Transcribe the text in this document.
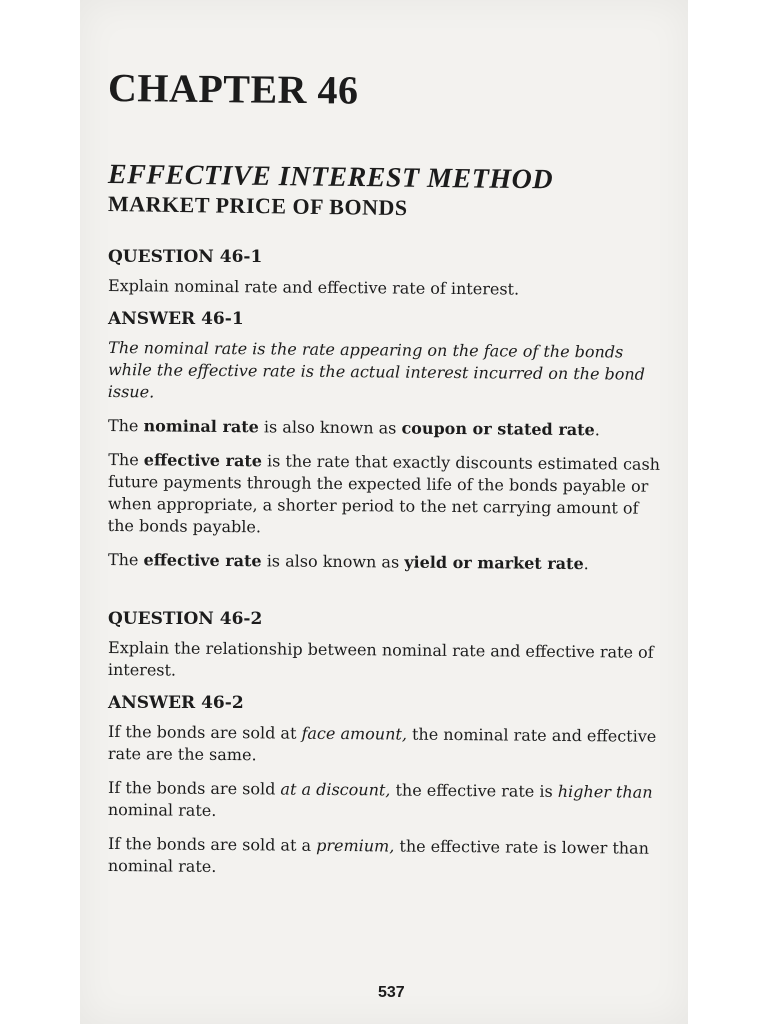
CHAPTER 46
EFFECTIVE INTEREST METHOD
MARKET PRICE OF BONDS
QUESTION 46-1

Explain nominal rate and effective rate of interest.

ANSWER 46-1

The nominal rate is the rate appearing on the face of the bonds while the effective rate is the actual interest incurred on the bond issue.

The nominal rate is also known as coupon or stated rate.

The effective rate is the rate that exactly discounts estimated cash future payments through the expected life of the bonds payable or when appropriate, a shorter period to the net carrying amount of the bonds payable.

The effective rate is also known as yield or market rate.

QUESTION 46-2

Explain the relationship between nominal rate and effective rate of interest.

ANSWER 46-2

If the bonds are sold at face amount, the nominal rate and effective rate are the same.

If the bonds are sold at a discount, the effective rate is higher than nominal rate.

If the bonds are sold at a premium, the effective rate is lower than nominal rate.

537
